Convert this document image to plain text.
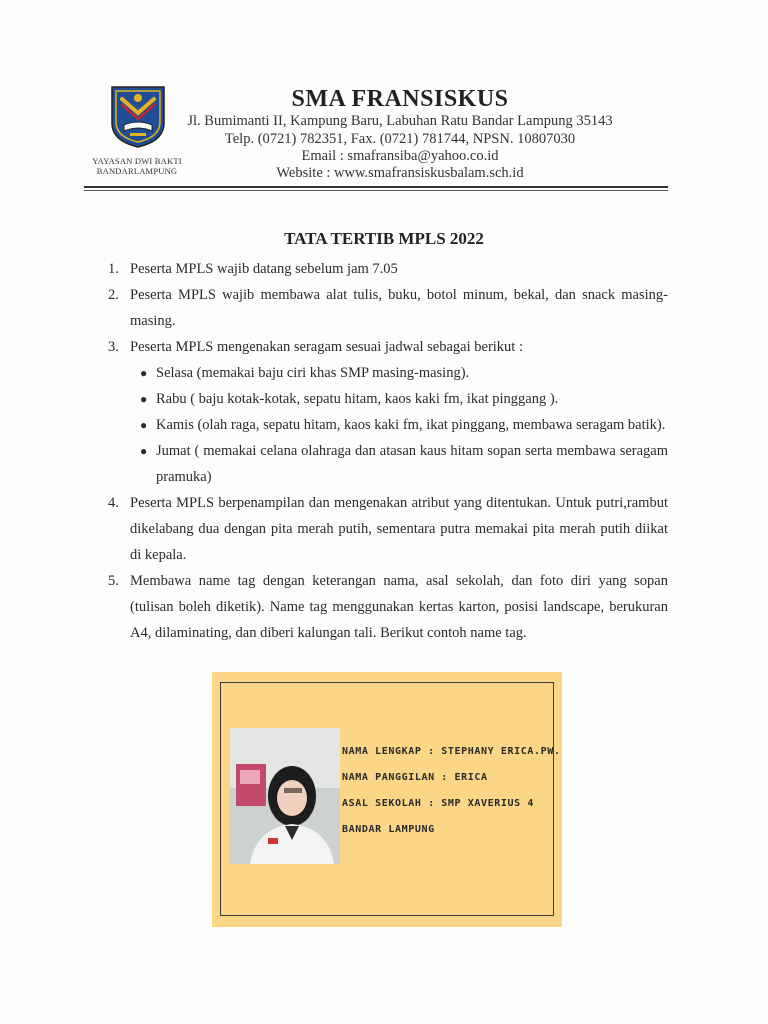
YAYASAN DWI BAKTI
BANDARLAMPUNG
SMA FRANSISKUS
Jl. Bumimanti II, Kampung Baru, Labuhan Ratu Bandar Lampung 35143
Telp. (0721) 782351, Fax. (0721) 781744, NPSN. 10807030
Email : smafransiba@yahoo.co.id
Website : www.smafransiskusbalam.sch.id
TATA TERTIB MPLS 2022
1. Peserta MPLS wajib datang sebelum jam 7.05
2. Peserta MPLS wajib membawa alat tulis, buku, botol minum, bekal, dan snack masing-masing.
3. Peserta MPLS mengenakan seragam sesuai jadwal sebagai berikut :
● Selasa (memakai baju ciri khas SMP masing-masing).
● Rabu ( baju kotak-kotak, sepatu hitam, kaos kaki fm, ikat pinggang ).
● Kamis (olah raga, sepatu hitam, kaos kaki fm, ikat pinggang, membawa seragam batik).
● Jumat ( memakai celana olahraga dan atasan kaus hitam sopan serta membawa seragam pramuka)
4. Peserta MPLS berpenampilan dan mengenakan atribut yang ditentukan. Untuk putri,rambut dikelabang dua dengan pita merah putih, sementara putra memakai pita merah putih diikat di kepala.
5. Membawa name tag dengan keterangan nama, asal sekolah, dan foto diri yang sopan (tulisan boleh diketik). Name tag menggunakan kertas karton, posisi landscape, berukuran A4, dilaminating, dan diberi kalungan tali. Berikut contoh name tag.
NAMA LENGKAP : STEPHANY ERICA.PW.
NAMA PANGGILAN : ERICA
ASAL SEKOLAH : SMP XAVERIUS 4
BANDAR LAMPUNG
